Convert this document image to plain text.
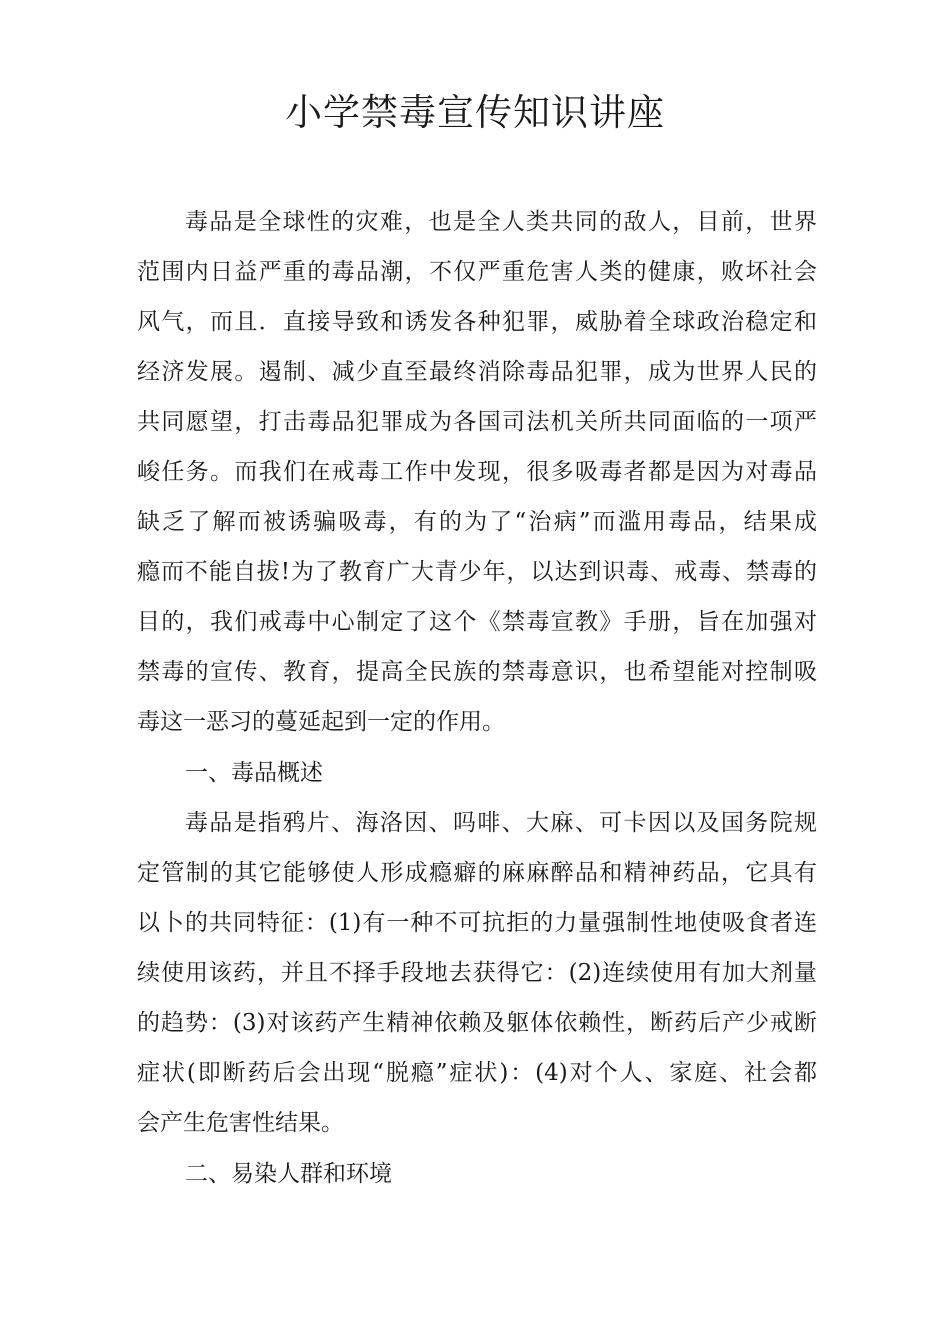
小学禁毒宣传知识讲座
毒品是全球性的灾难，也是全人类共同的敌人，目前，世界
范围内日益严重的毒品潮，不仅严重危害人类的健康，败坏社会
风气，而且．直接导致和诱发各种犯罪，威胁着全球政治稳定和
经济发展。遏制、减少直至最终消除毒品犯罪，成为世界人民的
共同愿望，打击毒品犯罪成为各国司法机关所共同面临的一项严
峻任务。而我们在戒毒工作中发现，很多吸毒者都是因为对毒品
缺乏了解而被诱骗吸毒，有的为了“治病”而滥用毒品，结果成
瘾而不能自拔!为了教育广大青少年，以达到识毒、戒毒、禁毒的
目的，我们戒毒中心制定了这个《禁毒宣教》手册，旨在加强对
禁毒的宣传、教育，提高全民族的禁毒意识，也希望能对控制吸
毒这一恶习的蔓延起到一定的作用。
一、毒品概述
毒品是指鸦片、海洛因、吗啡、大麻、可卡因以及国务院规
定管制的其它能够使人形成瘾癖的麻麻醉品和精神药品，它具有
以卜的共同特征：(1)有一种不可抗拒的力量强制性地使吸食者连
续使用该药，并且不择手段地去获得它：(2)连续使用有加大剂量
的趋势：(3)对该药产生精神依赖及躯体依赖性，断药后产少戒断
症状(即断药后会出现“脱瘾”症状)：(4)对个人、家庭、社会都
会产生危害性结果。
二、易染人群和环境
